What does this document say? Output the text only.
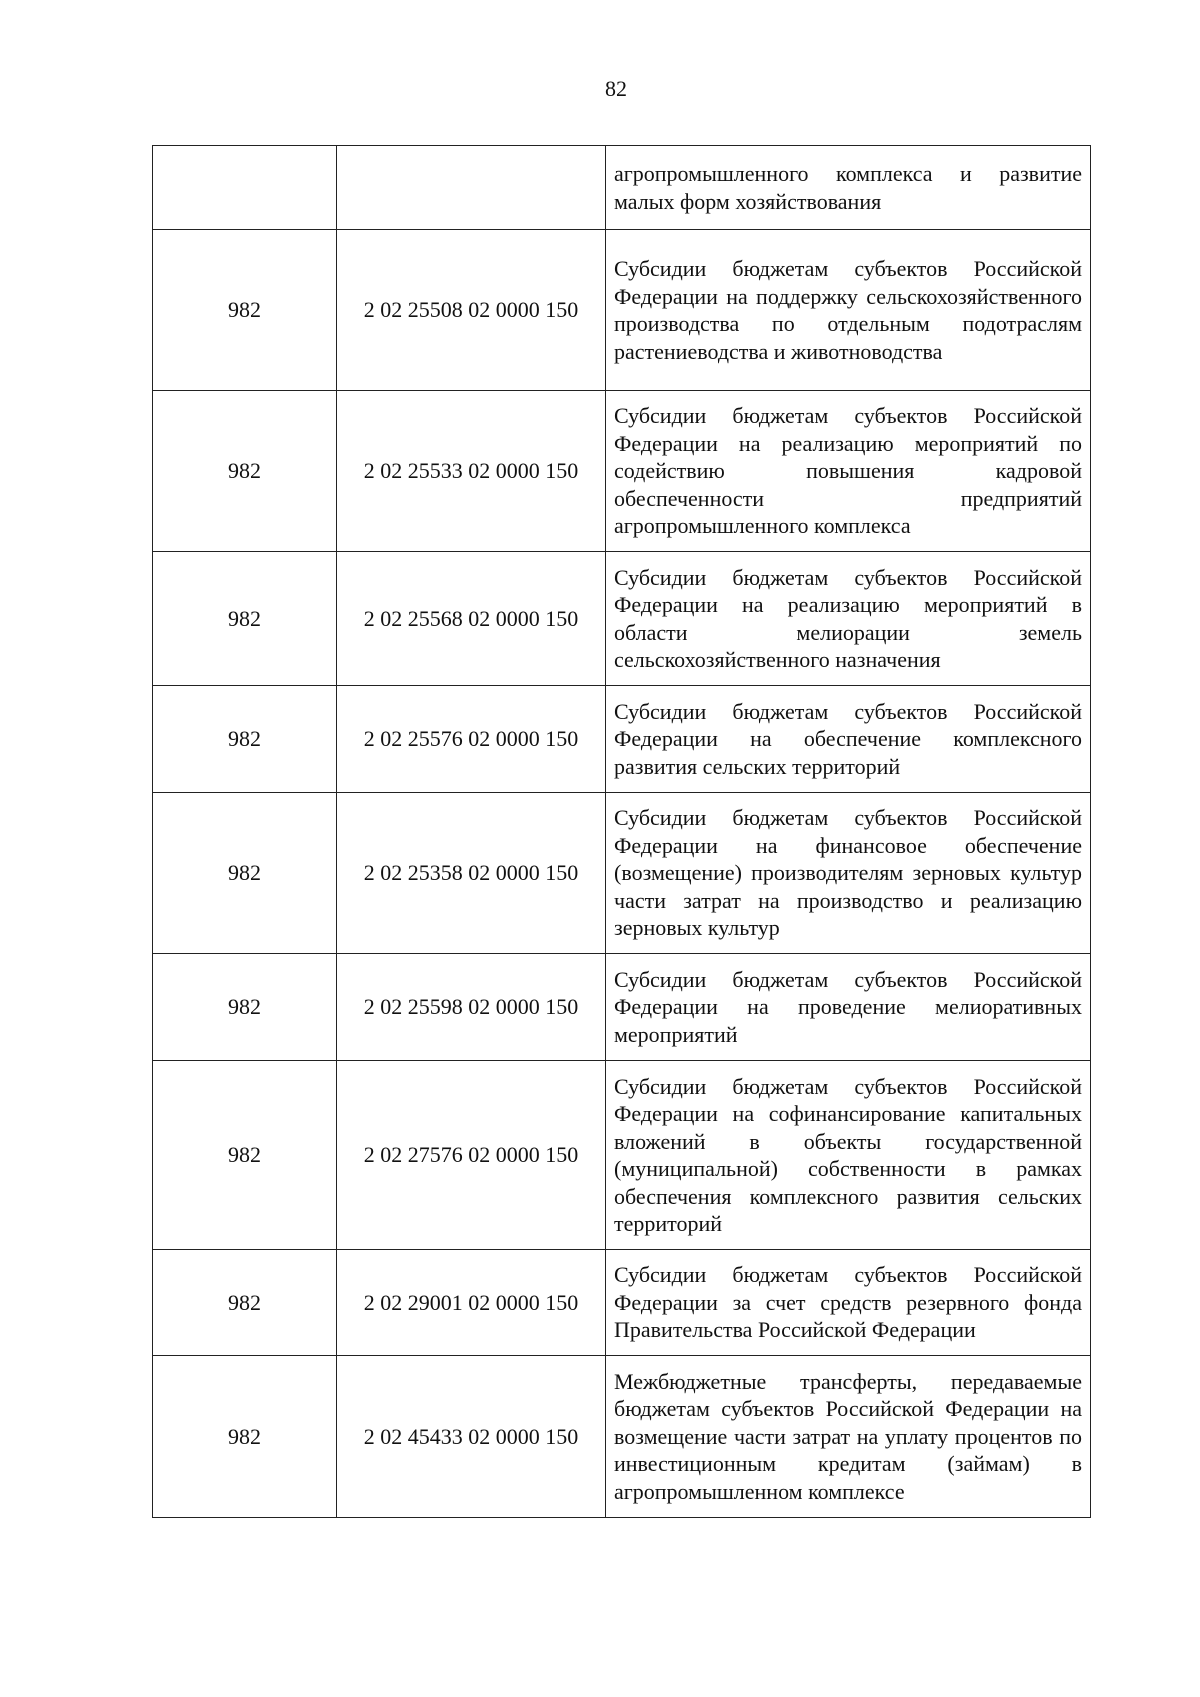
82

		агропромышленного комплекса и развитие малых форм хозяйствования

982	2 02 25508 02 0000 150	Субсидии бюджетам субъектов Российской Федерации на поддержку сельскохозяйственного производства по отдельным подотраслям растениеводства и животноводства

982	2 02 25533 02 0000 150	Субсидии бюджетам субъектов Российской Федерации на реализацию мероприятий по содействию повышения кадровой обеспеченности предприятий агропромышленного комплекса

982	2 02 25568 02 0000 150	Субсидии бюджетам субъектов Российской Федерации на реализацию мероприятий в области мелиорации земель сельскохозяйственного назначения

982	2 02 25576 02 0000 150	Субсидии бюджетам субъектов Российской Федерации на обеспечение комплексного развития сельских территорий

982	2 02 25358 02 0000 150	Субсидии бюджетам субъектов Российской Федерации на финансовое обеспечение (возмещение) производителям зерновых культур части затрат на производство и реализацию зерновых культур

982	2 02 25598 02 0000 150	Субсидии бюджетам субъектов Российской Федерации на проведение мелиоративных мероприятий

982	2 02 27576 02 0000 150	Субсидии бюджетам субъектов Российской Федерации на софинансирование капитальных вложений в объекты государственной (муниципальной) собственности в рамках обеспечения комплексного развития сельских территорий

982	2 02 29001 02 0000 150	Субсидии бюджетам субъектов Российской Федерации за счет средств резервного фонда Правительства Российской Федерации

982	2 02 45433 02 0000 150	Межбюджетные трансферты, передаваемые бюджетам субъектов Российской Федерации на возмещение части затрат на уплату процентов по инвестиционным кредитам (займам) в агропромышленном комплексе
